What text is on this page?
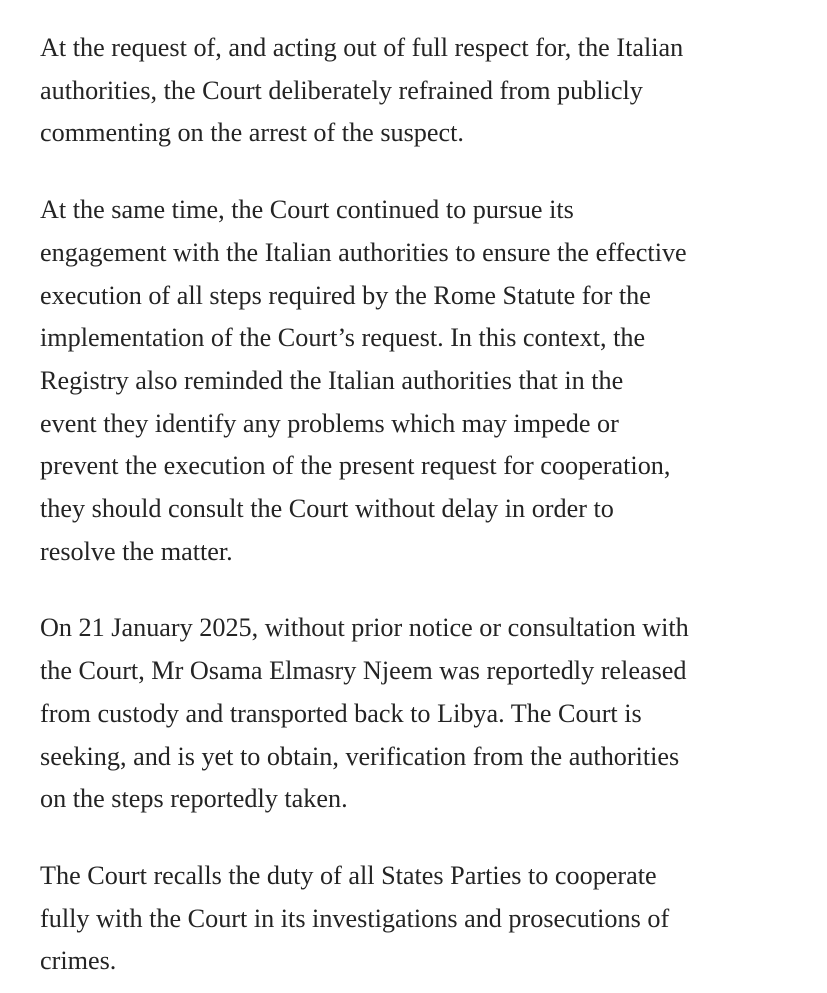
At the request of, and acting out of full respect for, the Italian
authorities, the Court deliberately refrained from publicly
commenting on the arrest of the suspect.

At the same time, the Court continued to pursue its
engagement with the Italian authorities to ensure the effective
execution of all steps required by the Rome Statute for the
implementation of the Court’s request. In this context, the
Registry also reminded the Italian authorities that in the
event they identify any problems which may impede or
prevent the execution of the present request for cooperation,
they should consult the Court without delay in order to
resolve the matter.

On 21 January 2025, without prior notice or consultation with
the Court, Mr Osama Elmasry Njeem was reportedly released
from custody and transported back to Libya. The Court is
seeking, and is yet to obtain, verification from the authorities
on the steps reportedly taken.

The Court recalls the duty of all States Parties to cooperate
fully with the Court in its investigations and prosecutions of
crimes.
